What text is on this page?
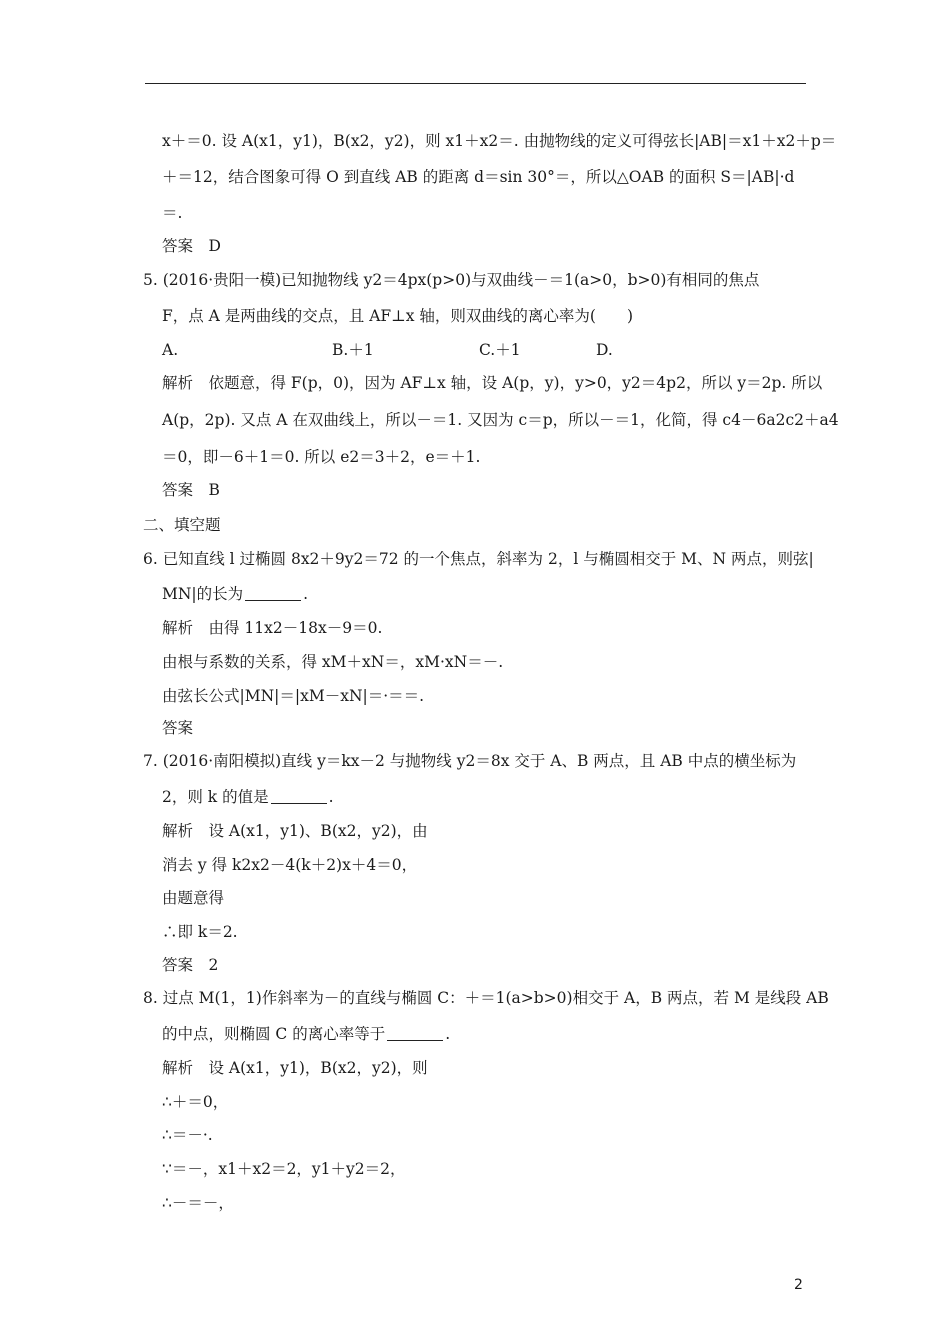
x＋＝0. 设 A(x1，y1)，B(x2，y2)，则 x1＋x2＝. 由抛物线的定义可得弦长|AB|＝x1＋x2＋p＝
＋＝12，结合图象可得 O 到直线 AB 的距离 d＝sin 30°＝，所以△OAB 的面积 S＝|AB|·d
＝.
答案　D
5. (2016·贵阳一模)已知抛物线 y2＝4px(p>0)与双曲线－＝1(a>0，b>0)有相同的焦点
F，点 A 是两曲线的交点，且 AF⊥x 轴，则双曲线的离心率为(　　)
A.	B.＋1	C.＋1	D.
解析　依题意，得 F(p，0)，因为 AF⊥x 轴，设 A(p，y)，y>0，y2＝4p2，所以 y＝2p. 所以
A(p，2p). 又点 A 在双曲线上，所以－＝1. 又因为 c＝p，所以－＝1，化简，得 c4－6a2c2＋a4
＝0，即－6＋1＝0. 所以 e2＝3＋2，e＝＋1.
答案　B
二、填空题
6. 已知直线 l 过椭圆 8x2＋9y2＝72 的一个焦点，斜率为 2，l 与椭圆相交于 M、N 两点，则弦|
MN|的长为	.
解析　由得 11x2－18x－9＝0.
由根与系数的关系，得 xM＋xN＝，xM·xN＝－.
由弦长公式|MN|＝|xM－xN|＝·＝＝.
答案
7. (2016·南阳模拟)直线 y＝kx－2 与抛物线 y2＝8x 交于 A、B 两点，且 AB 中点的横坐标为
2，则 k 的值是	.
解析　设 A(x1，y1)、B(x2，y2)，由
消去 y 得 k2x2－4(k＋2)x＋4＝0，
由题意得
∴即 k＝2.
答案　2
8. 过点 M(1，1)作斜率为－的直线与椭圆 C：＋＝1(a>b>0)相交于 A，B 两点，若 M 是线段 AB
的中点，则椭圆 C 的离心率等于	.
解析　设 A(x1，y1)，B(x2，y2)，则
∴＋＝0，
∴＝－·.
∵＝－，x1＋x2＝2，y1＋y2＝2，
∴－＝－，
2
